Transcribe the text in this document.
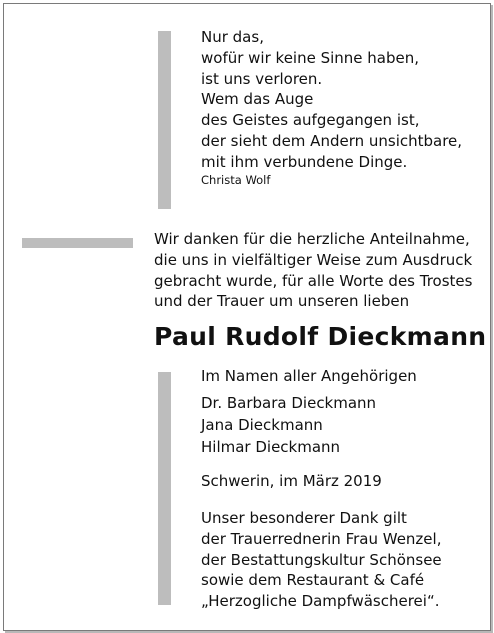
Nur das,
wofür wir keine Sinne haben,
ist uns verloren.
Wem das Auge
des Geistes aufgegangen ist,
der sieht dem Andern unsichtbare,
mit ihm verbundene Dinge.
Christa Wolf
Wir danken für die herzliche Anteilnahme,
die uns in vielfältiger Weise zum Ausdruck
gebracht wurde, für alle Worte des Trostes
und der Trauer um unseren lieben
Paul Rudolf Dieckmann
Im Namen aller Angehörigen
Dr. Barbara Dieckmann
Jana Dieckmann
Hilmar Dieckmann
Schwerin, im März 2019
Unser besonderer Dank gilt
der Trauerrednerin Frau Wenzel,
der Bestattungskultur Schönsee
sowie dem Restaurant & Café
„Herzogliche Dampfwäscherei“.
